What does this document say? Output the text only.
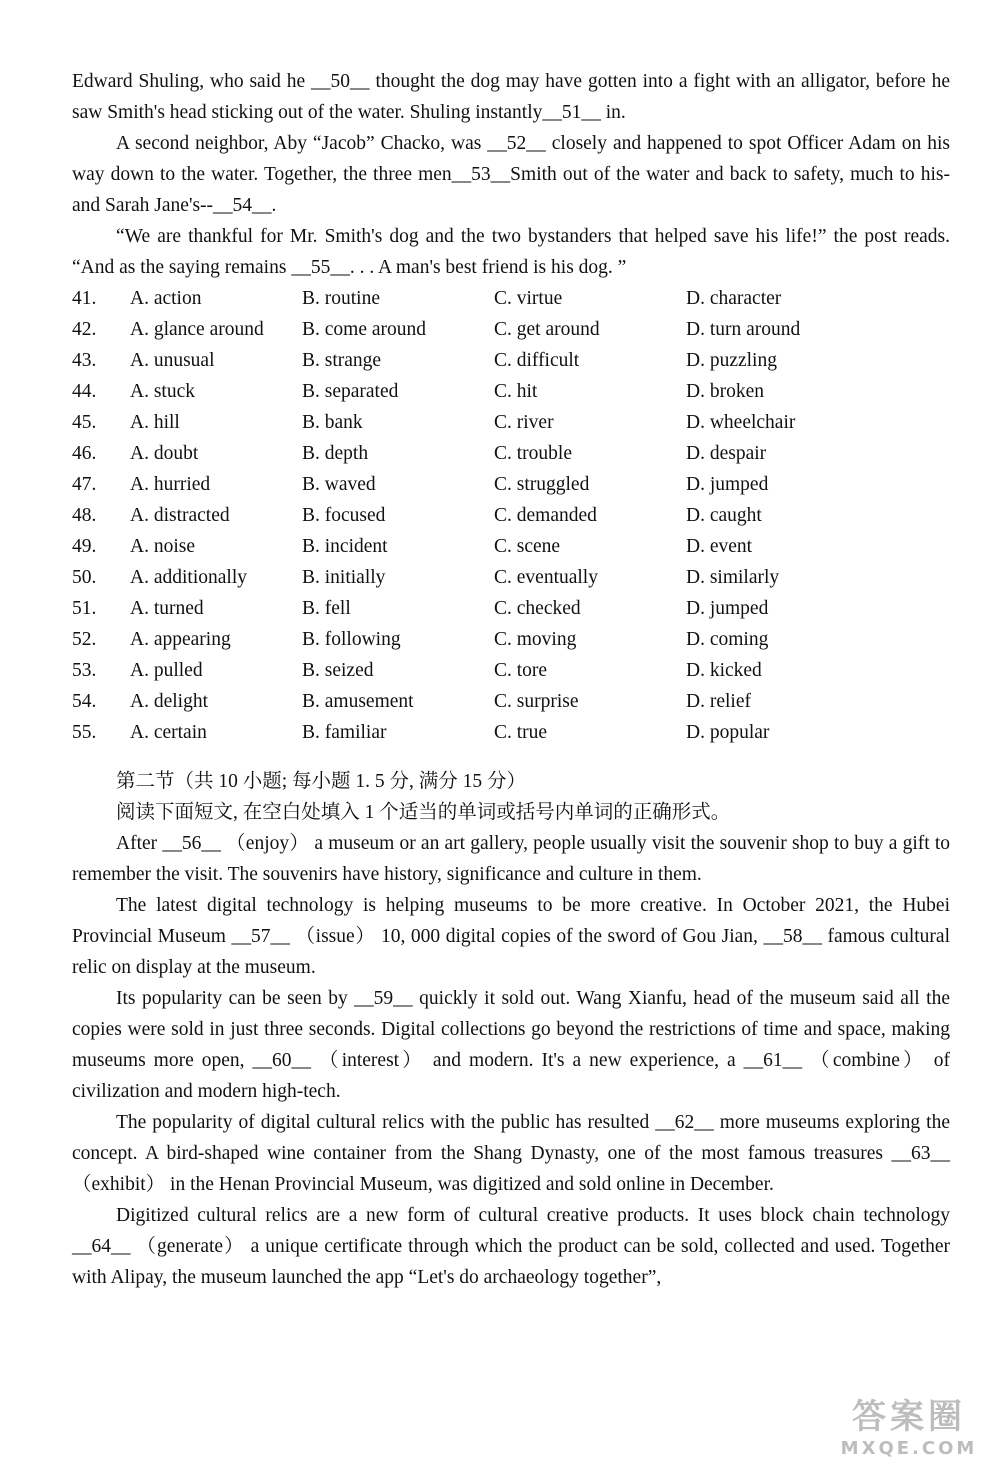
Edward Shuling, who said he __50__ thought the dog may have gotten into a fight with an alligator, before he saw Smith's head sticking out of the water. Shuling instantly__51__ in.

A second neighbor, Aby “Jacob” Chacko, was __52__ closely and happened to spot Officer Adam on his way down to the water. Together, the three men__53__Smith out of the water and back to safety, much to his-and Sarah Jane's--__54__.

“We are thankful for Mr. Smith's dog and the two bystanders that helped save his life!” the post reads. “And as the saying remains __55__. . . A man's best friend is his dog. ”

41.	A. action	B. routine	C. virtue	D. character
42.	A. glance around	B. come around	C. get around	D. turn around
43.	A. unusual	B. strange	C. difficult	D. puzzling
44.	A. stuck	B. separated	C. hit	D. broken
45.	A. hill	B. bank	C. river	D. wheelchair
46.	A. doubt	B. depth	C. trouble	D. despair
47.	A. hurried	B. waved	C. struggled	D. jumped
48.	A. distracted	B. focused	C. demanded	D. caught
49.	A. noise	B. incident	C. scene	D. event
50.	A. additionally	B. initially	C. eventually	D. similarly
51.	A. turned	B. fell	C. checked	D. jumped
52.	A. appearing	B. following	C. moving	D. coming
53.	A. pulled	B. seized	C. tore	D. kicked
54.	A. delight	B. amusement	C. surprise	D. relief
55.	A. certain	B. familiar	C. true	D. popular

第二节（共 10 小题; 每小题 1. 5 分, 满分 15 分）

阅读下面短文, 在空白处填入 1 个适当的单词或括号内单词的正确形式。

After __56__ （enjoy） a museum or an art gallery, people usually visit the souvenir shop to buy a gift to remember the visit. The souvenirs have history, significance and culture in them.

The latest digital technology is helping museums to be more creative. In October 2021, the Hubei Provincial Museum __57__ （issue） 10, 000 digital copies of the sword of Gou Jian, __58__ famous cultural relic on display at the museum.

Its popularity can be seen by __59__ quickly it sold out. Wang Xianfu, head of the museum said all the copies were sold in just three seconds. Digital collections go beyond the restrictions of time and space, making museums more open, __60__ （interest） and modern. It's a new experience, a __61__ （combine） of civilization and modern high-tech.

The popularity of digital cultural relics with the public has resulted __62__ more museums exploring the concept. A bird-shaped wine container from the Shang Dynasty, one of the most famous treasures __63__ （exhibit） in the Henan Provincial Museum, was digitized and sold online in December.

Digitized cultural relics are a new form of cultural creative products. It uses block chain technology __64__ （generate） a unique certificate through which the product can be sold, collected and used. Together with Alipay, the museum launched the app “Let's do archaeology together”,

答案圈
MXQE.COM
